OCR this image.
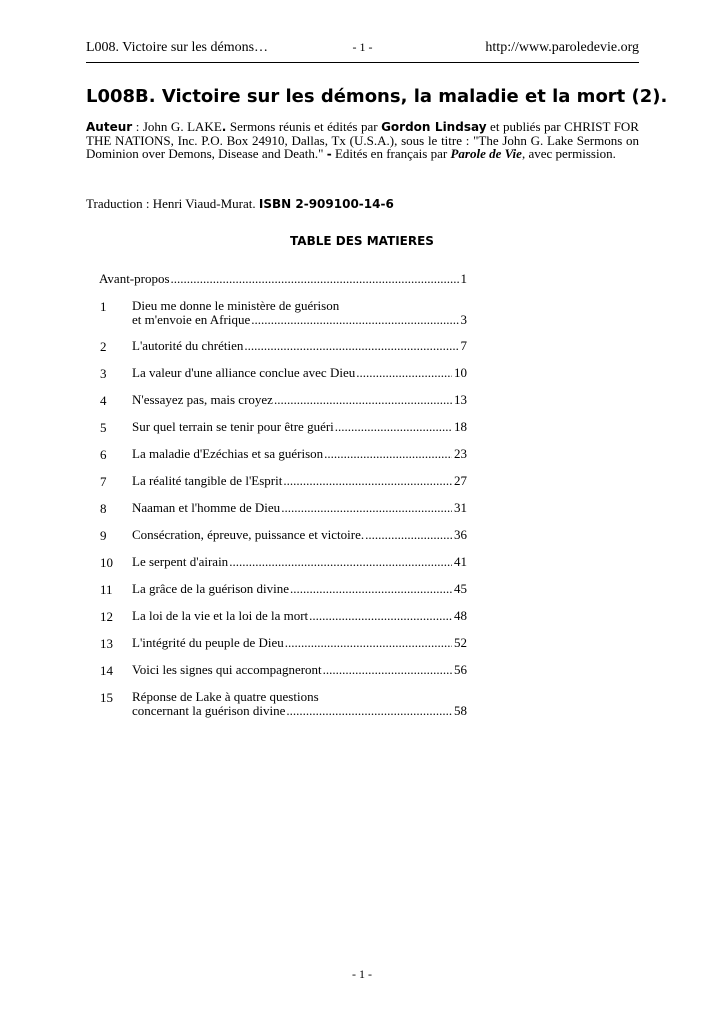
L008. Victoire sur les démons…	- 1 -	http://www.paroledevie.org
L008B. Victoire sur les démons, la maladie et la mort (2).

Auteur : John G. LAKE. Sermons réunis et édités par Gordon Lindsay et publiés par CHRIST FOR THE NATIONS, Inc. P.O. Box 24910, Dallas, Tx (U.S.A.), sous le titre : "The John G. Lake Sermons on Dominion over Demons, Disease and Death." - Edités en français par Parole de Vie, avec permission.

Traduction : Henri Viaud-Murat. ISBN 2-909100-14-6

TABLE DES MATIERES
Avant-propos .....	1
1 Dieu me donne le ministère de guérison
et m'envoie en Afrique .....	3
2 L'autorité du chrétien .....	7
3 La valeur d'une alliance conclue avec Dieu .....	10
4 N'essayez pas, mais croyez .....	13
5 Sur quel terrain se tenir pour être guéri .....	18
6 La maladie d'Ezéchias et sa guérison .....	23
7 La réalité tangible de l'Esprit .....	27
8 Naaman et l'homme de Dieu .....	31
9 Consécration, épreuve, puissance et victoire. .....	36
10 Le serpent d'airain .....	41
11 La grâce de la guérison divine .....	45
12 La loi de la vie et la loi de la mort .....	48
13 L'intégrité du peuple de Dieu .....	52
14 Voici les signes qui accompagneront .....	56
15 Réponse de Lake à quatre questions
concernant la guérison divine .....	58
- 1 -
